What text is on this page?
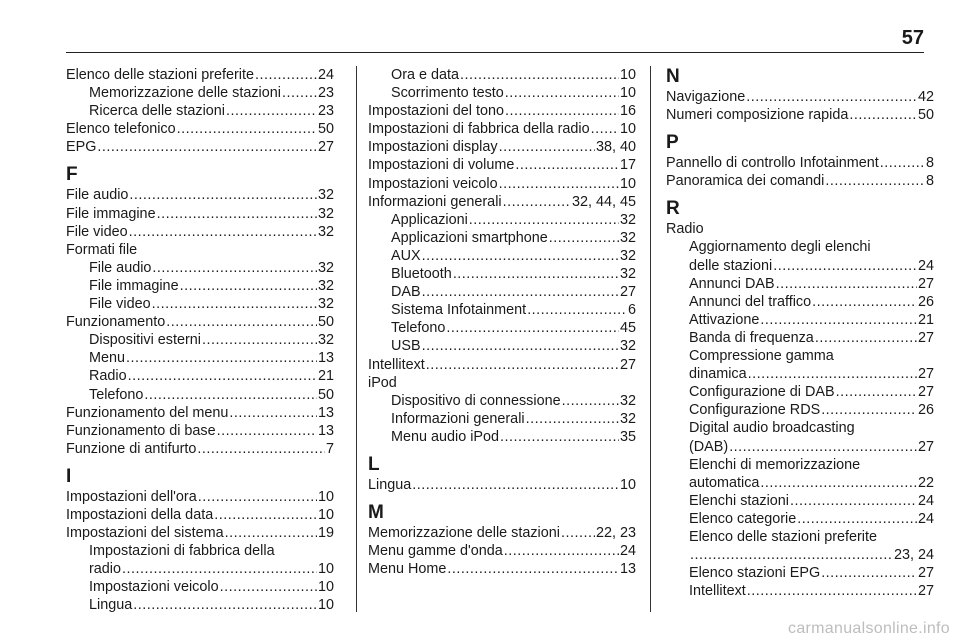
57
Elenco delle stazioni preferite .....	24
Memorizzazione delle stazioni .....	23
Ricerca delle stazioni .....	23
Elenco telefonico .....	50
EPG .....	27
F
File audio .....	32
File immagine .....	32
File video .....	32
Formati file
File audio .....	32
File immagine .....	32
File video .....	32
Funzionamento .....	50
Dispositivi esterni .....	32
Menu .....	13
Radio .....	21
Telefono .....	50
Funzionamento del menu .....	13
Funzionamento di base .....	13
Funzione di antifurto .....	7
I
Impostazioni dell'ora .....	10
Impostazioni della data .....	10
Impostazioni del sistema .....	19
Impostazioni di fabbrica della
radio .....	10
Impostazioni veicolo .....	10
Lingua .....	10
Ora e data .....	10
Scorrimento testo .....	10
Impostazioni del tono .....	16
Impostazioni di fabbrica della radio ..... 10
Impostazioni display .....	38, 40
Impostazioni di volume .....	17
Impostazioni veicolo .....	10
Informazioni generali .....	32, 44, 45
Applicazioni .....	32
Applicazioni smartphone .....	32
AUX .....	32
Bluetooth .....	32
DAB .....	27
Sistema Infotainment .....	6
Telefono .....	45
USB .....	32
Intellitext .....	27
iPod
Dispositivo di connessione .....	32
Informazioni generali .....	32
Menu audio iPod .....	35
L
Lingua .....	10
M
Memorizzazione delle stazioni .....	22, 23
Menu gamme d'onda .....	24
Menu Home .....	13
N
Navigazione .....	42
Numeri composizione rapida .....	50
P
Pannello di controllo Infotainment .....	8
Panoramica dei comandi .....	8
R
Radio
Aggiornamento degli elenchi
delle stazioni .....	24
Annunci DAB .....	27
Annunci del traffico .....	26
Attivazione .....	21
Banda di frequenza .....	27
Compressione gamma
dinamica .....	27
Configurazione di DAB .....	27
Configurazione RDS .....	26
Digital audio broadcasting
(DAB) .....	27
Elenchi di memorizzazione
automatica .....	22
Elenchi stazioni .....	24
Elenco categorie .....	24
Elenco delle stazioni preferite
.....
23, 24
Elenco stazioni EPG .....	27
Intellitext .....	27
carmanualsonline.info
